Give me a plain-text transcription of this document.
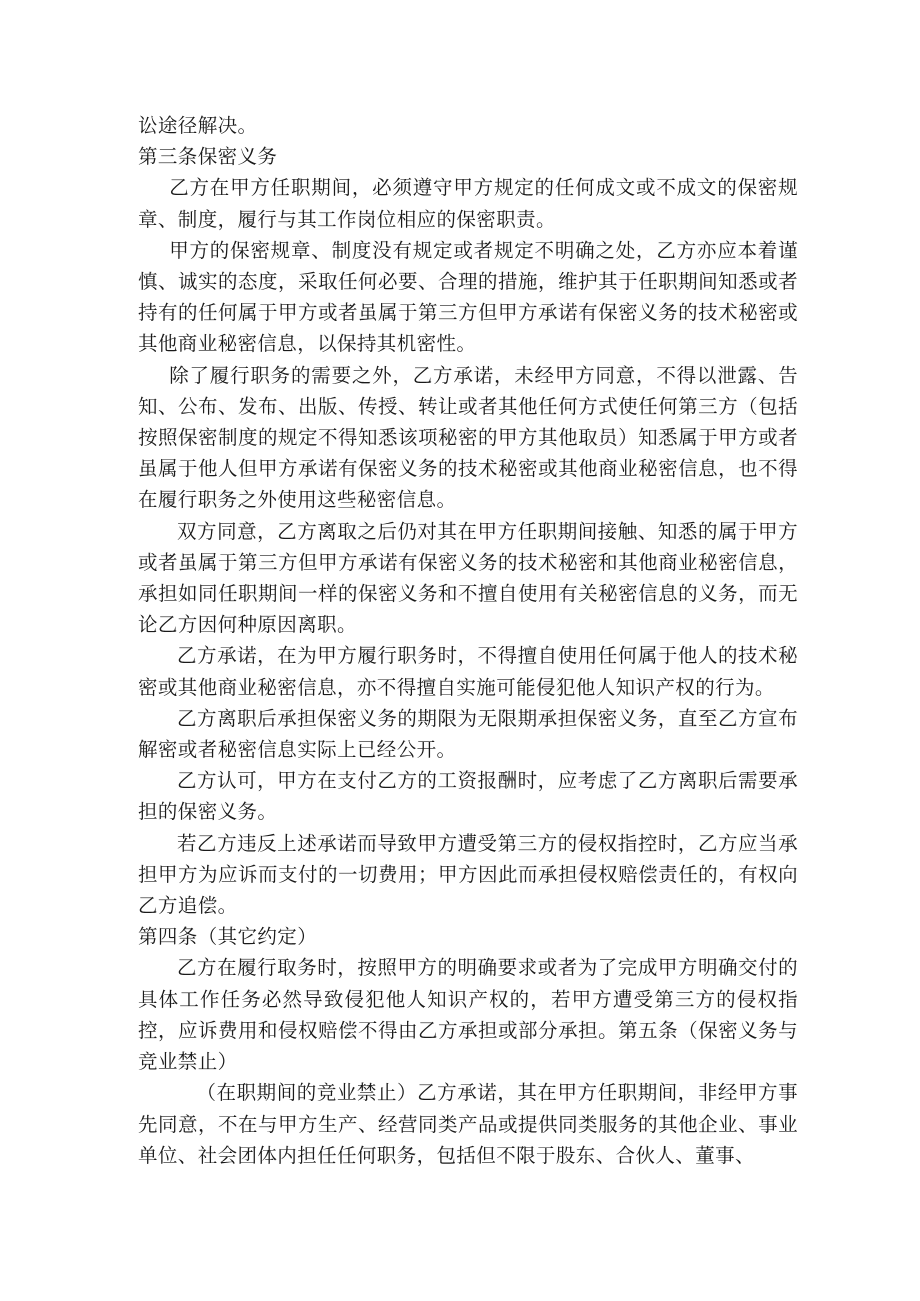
讼途径解决。

第三条保密义务

乙方在甲方任职期间，必须遵守甲方规定的任何成文或不成文的保密规章、制度，履行与其工作岗位相应的保密职责。

甲方的保密规章、制度没有规定或者规定不明确之处，乙方亦应本着谨慎、诚实的态度，采取任何必要、合理的措施，维护其于任职期间知悉或者持有的任何属于甲方或者虽属于第三方但甲方承诺有保密义务的技术秘密或其他商业秘密信息，以保持其机密性。

除了履行职务的需要之外，乙方承诺，未经甲方同意，不得以泄露、告知、公布、发布、出版、传授、转让或者其他任何方式使任何第三方（包括按照保密制度的规定不得知悉该项秘密的甲方其他取员）知悉属于甲方或者虽属于他人但甲方承诺有保密义务的技术秘密或其他商业秘密信息，也不得在履行职务之外使用这些秘密信息。

双方同意，乙方离取之后仍对其在甲方任职期间接触、知悉的属于甲方或者虽属于第三方但甲方承诺有保密义务的技术秘密和其他商业秘密信息，承担如同任职期间一样的保密义务和不擅自使用有关秘密信息的义务，而无论乙方因何种原因离职。

乙方承诺，在为甲方履行职务时，不得擅自使用任何属于他人的技术秘密或其他商业秘密信息，亦不得擅自实施可能侵犯他人知识产权的行为。

乙方离职后承担保密义务的期限为无限期承担保密义务，直至乙方宣布解密或者秘密信息实际上已经公开。

乙方认可，甲方在支付乙方的工资报酬时，应考虑了乙方离职后需要承担的保密义务。

若乙方违反上述承诺而导致甲方遭受第三方的侵权指控时，乙方应当承担甲方为应诉而支付的一切费用；甲方因此而承担侵权赔偿责任的，有权向乙方追偿。

第四条（其它约定）

乙方在履行取务时，按照甲方的明确要求或者为了完成甲方明确交付的具体工作任务必然导致侵犯他人知识产权的，若甲方遭受第三方的侵权指控，应诉费用和侵权赔偿不得由乙方承担或部分承担。第五条（保密义务与竞业禁止）

（在职期间的竞业禁止）乙方承诺，其在甲方任职期间，非经甲方事先同意，不在与甲方生产、经营同类产品或提供同类服务的其他企业、事业单位、社会团体内担任任何职务，包括但不限于股东、合伙人、董事、
